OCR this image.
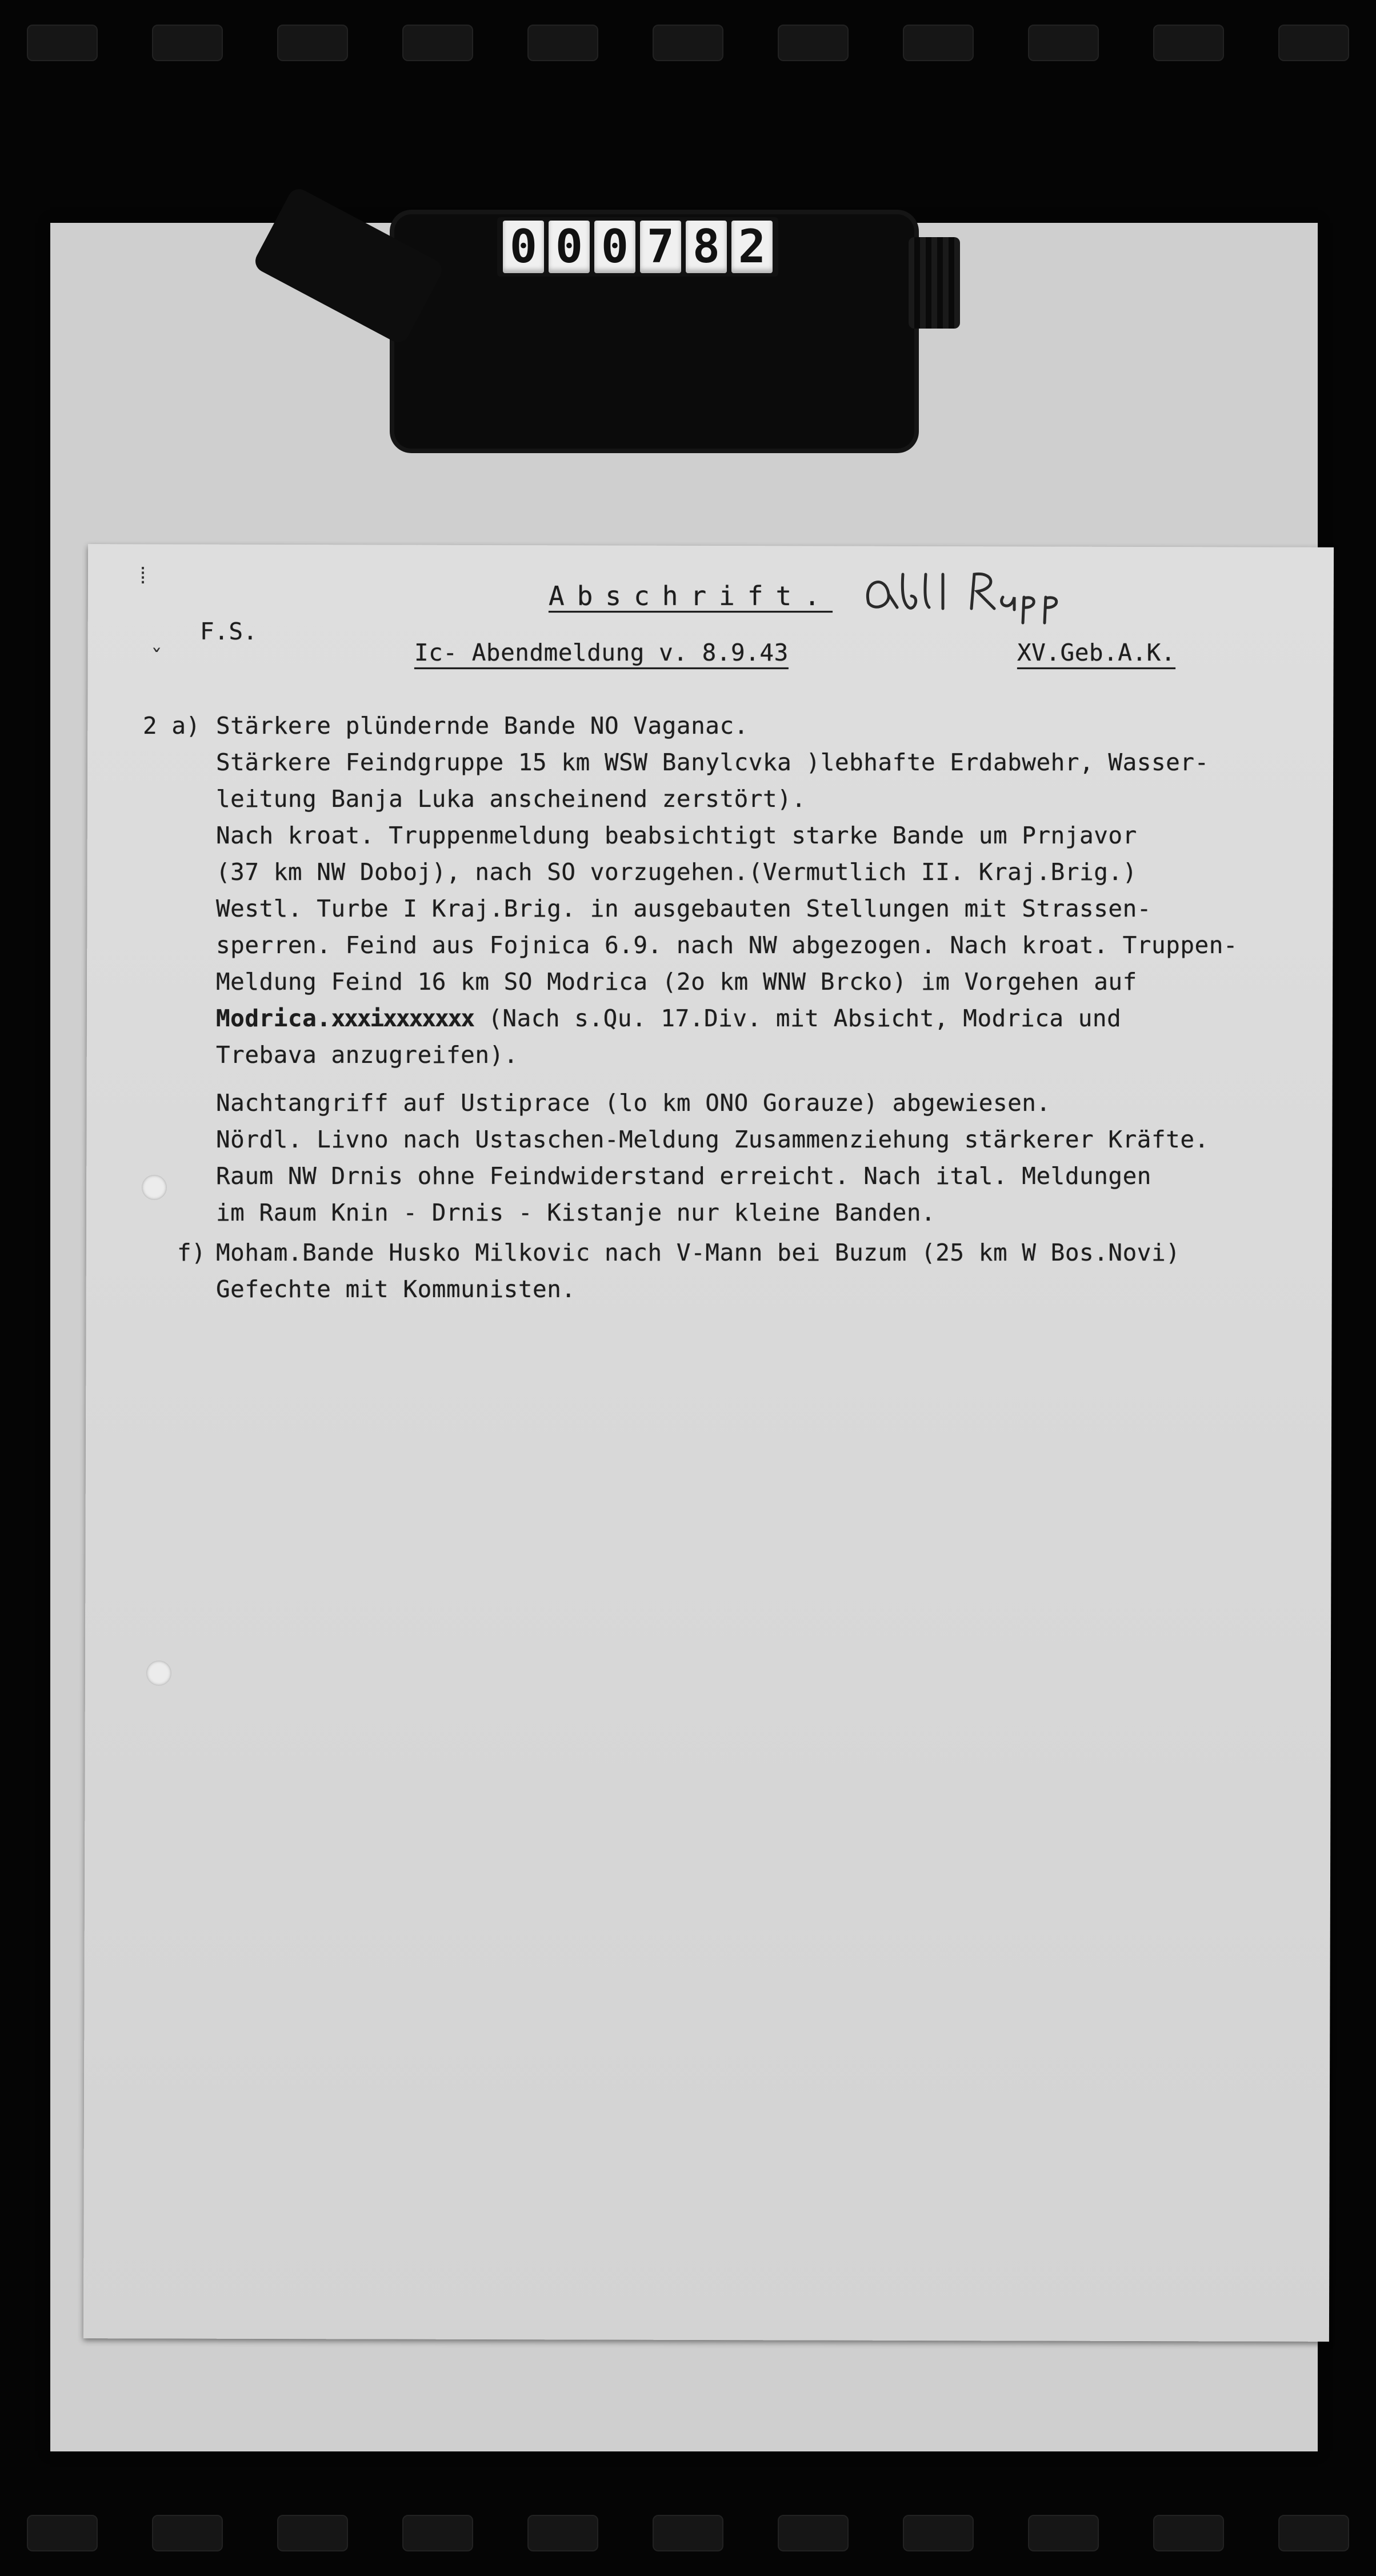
0 0 0 7 8 2
⁞
ˇ
Abschrift.
F.S.
Ic- Abendmeldung v. 8.9.43	XV.Geb.A.K.
2 a) Stärkere plündernde Bande NO Vaganac.
Stärkere Feindgruppe 15 km WSW Banylcvka )lebhafte Erdabwehr, Wasser-
leitung Banja Luka anscheinend zerstört).
Nach kroat. Truppenmeldung beabsichtigt starke Bande um Prnjavor
(37 km NW Doboj), nach SO vorzugehen.(Vermutlich II. Kraj.Brig.)
Westl. Turbe I Kraj.Brig. in ausgebauten Stellungen mit Strassen-
sperren. Feind aus Fojnica 6.9. nach NW abgezogen. Nach kroat. Truppen-
Meldung Feind 16 km SO Modrica (2o km WNW Brcko) im Vorgehen auf
Modrica.xxxixxxxxxx (Nach s.Qu. 17.Div. mit Absicht, Modrica und
Trebava anzugreifen).
Nachtangriff auf Ustiprace (lo km ONO Gorauze) abgewiesen.
Nördl. Livno nach Ustaschen-Meldung Zusammenziehung stärkerer Kräfte.
Raum NW Drnis ohne Feindwiderstand erreicht. Nach ital. Meldungen
im Raum Knin - Drnis - Kistanje nur kleine Banden.
f) Moham.Bande Husko Milkovic nach V-Mann bei Buzum (25 km W Bos.Novi)
Gefechte mit Kommunisten.
